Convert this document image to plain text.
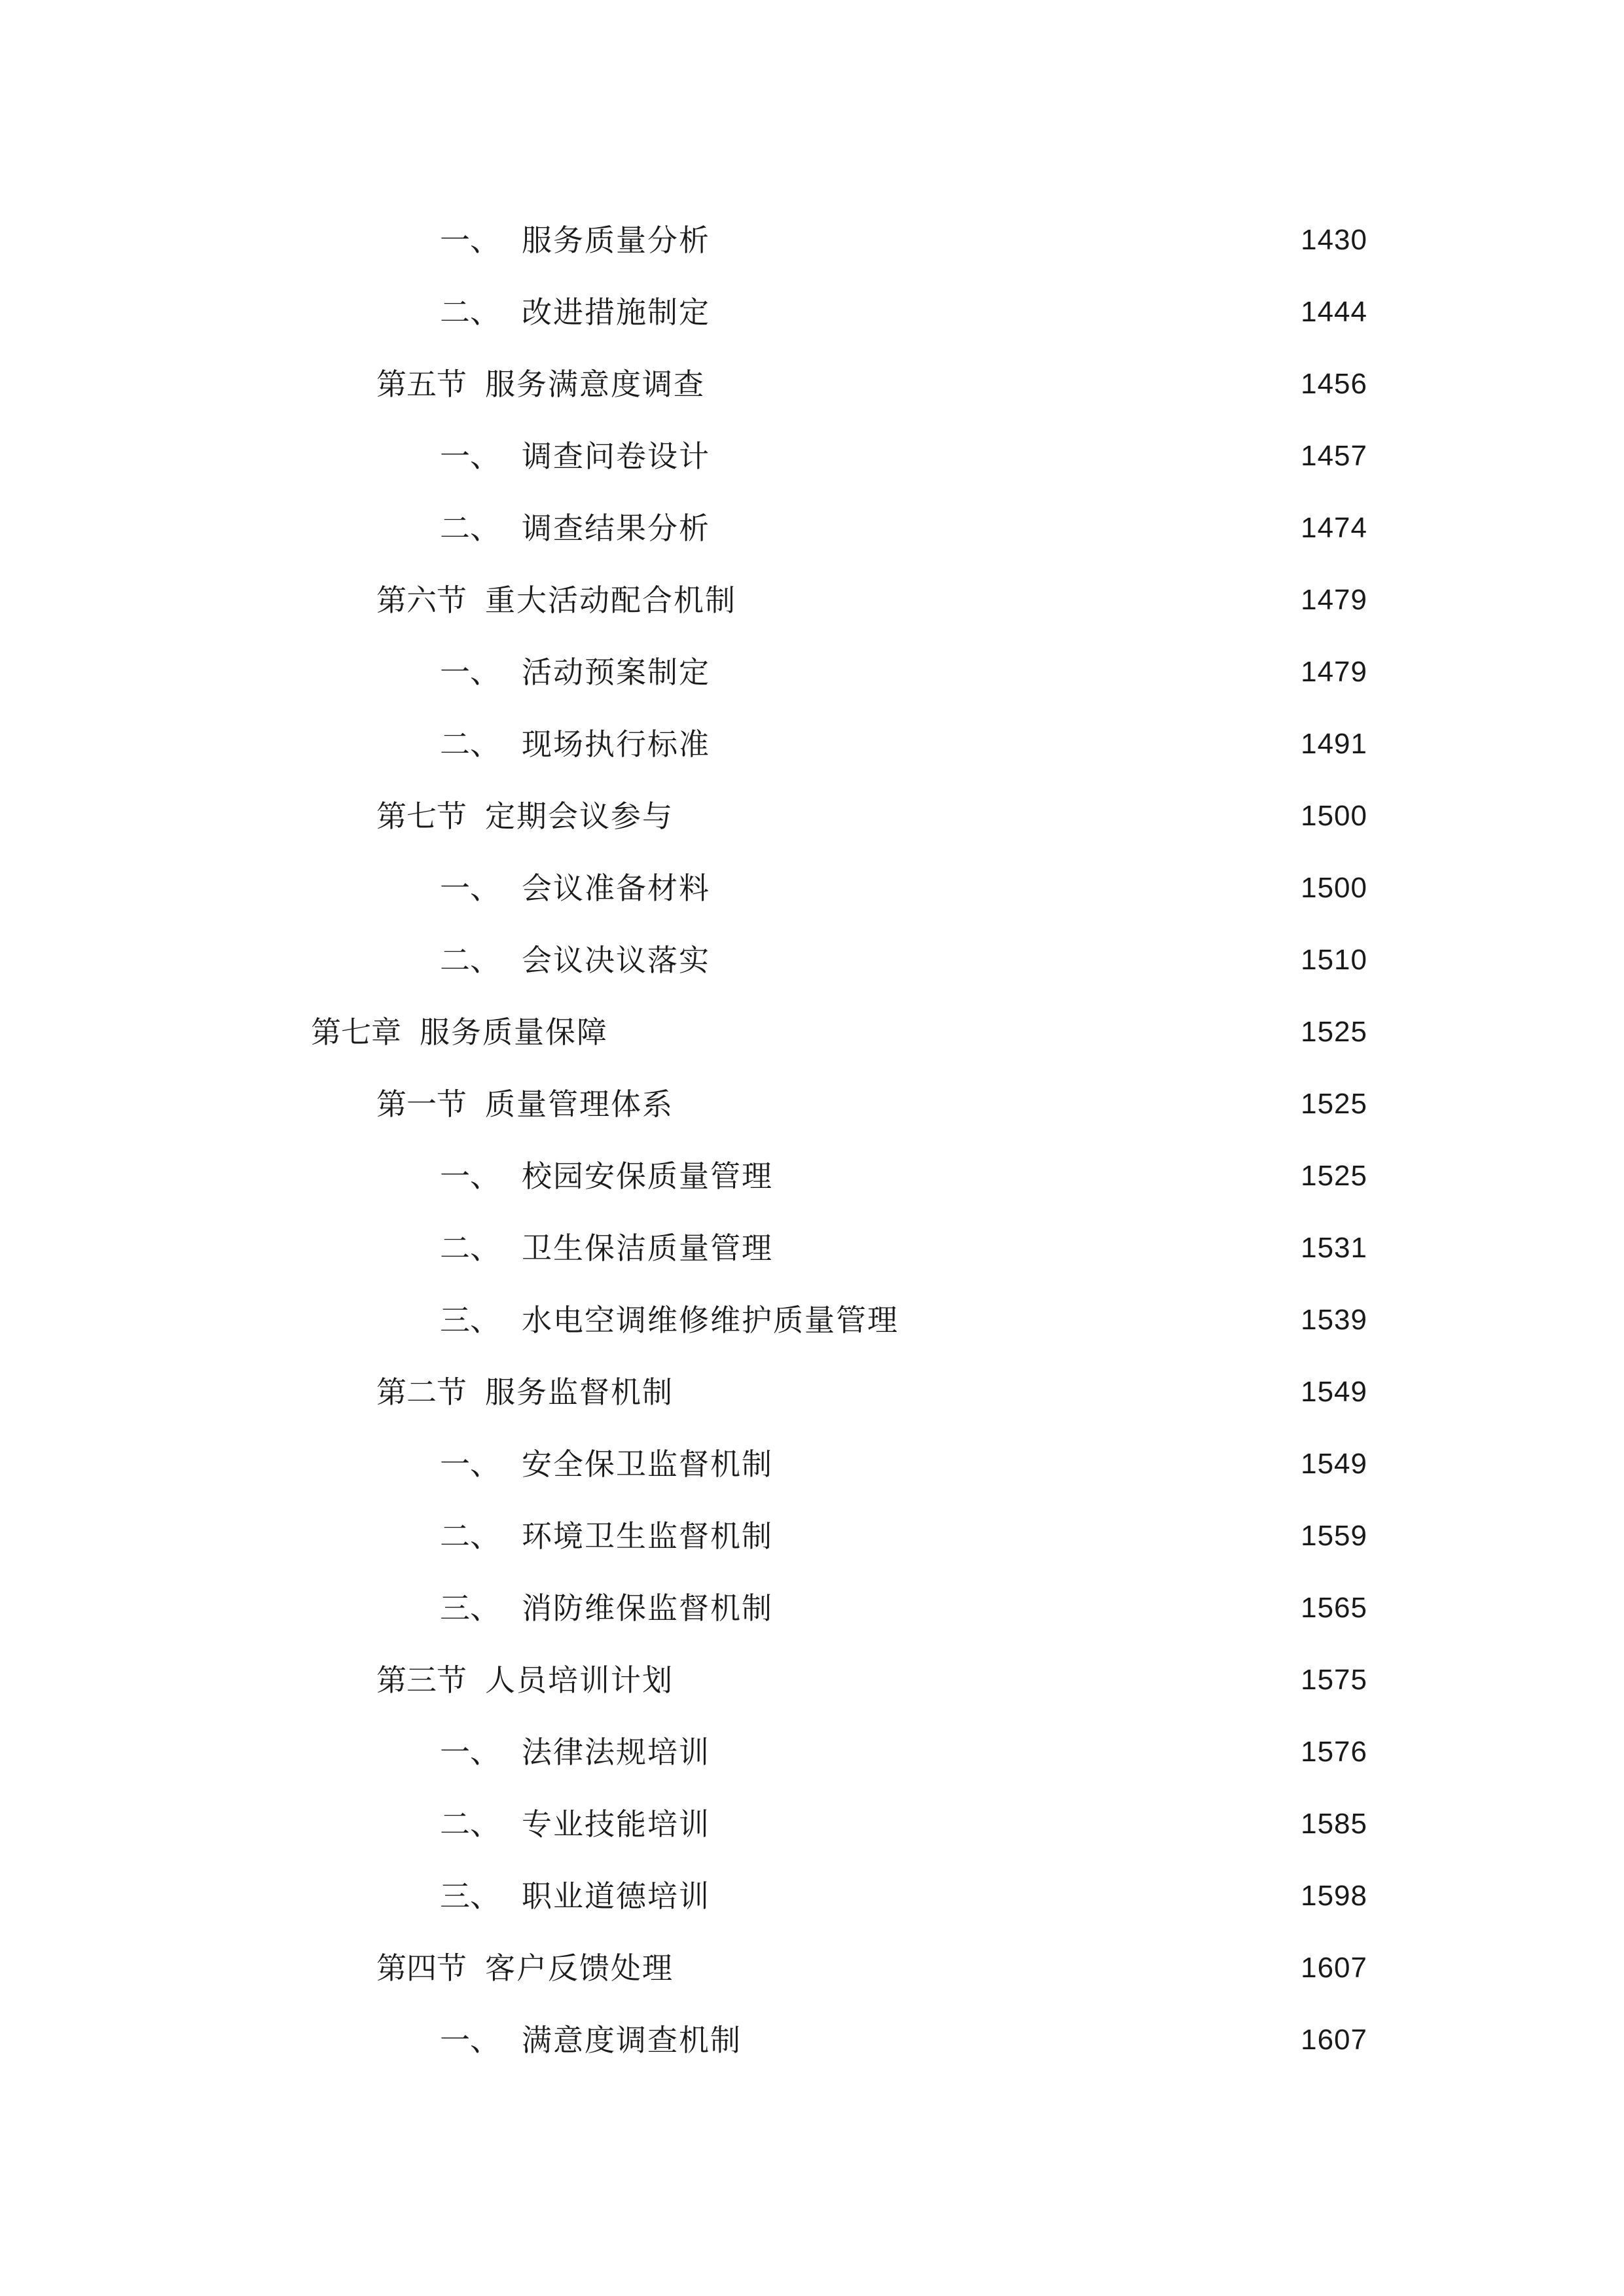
一、 服务质量分析	1430
二、 改进措施制定	1444
第五节 服务满意度调查	1456
一、 调查问卷设计	1457
二、 调查结果分析	1474
第六节 重大活动配合机制	1479
一、 活动预案制定	1479
二、 现场执行标准	1491
第七节 定期会议参与	1500
一、 会议准备材料	1500
二、 会议决议落实	1510
第七章 服务质量保障	1525
第一节 质量管理体系	1525
一、 校园安保质量管理	1525
二、 卫生保洁质量管理	1531
三、 水电空调维修维护质量管理	1539
第二节 服务监督机制	1549
一、 安全保卫监督机制	1549
二、 环境卫生监督机制	1559
三、 消防维保监督机制	1565
第三节 人员培训计划	1575
一、 法律法规培训	1576
二、 专业技能培训	1585
三、 职业道德培训	1598
第四节 客户反馈处理	1607
一、 满意度调查机制	1607
